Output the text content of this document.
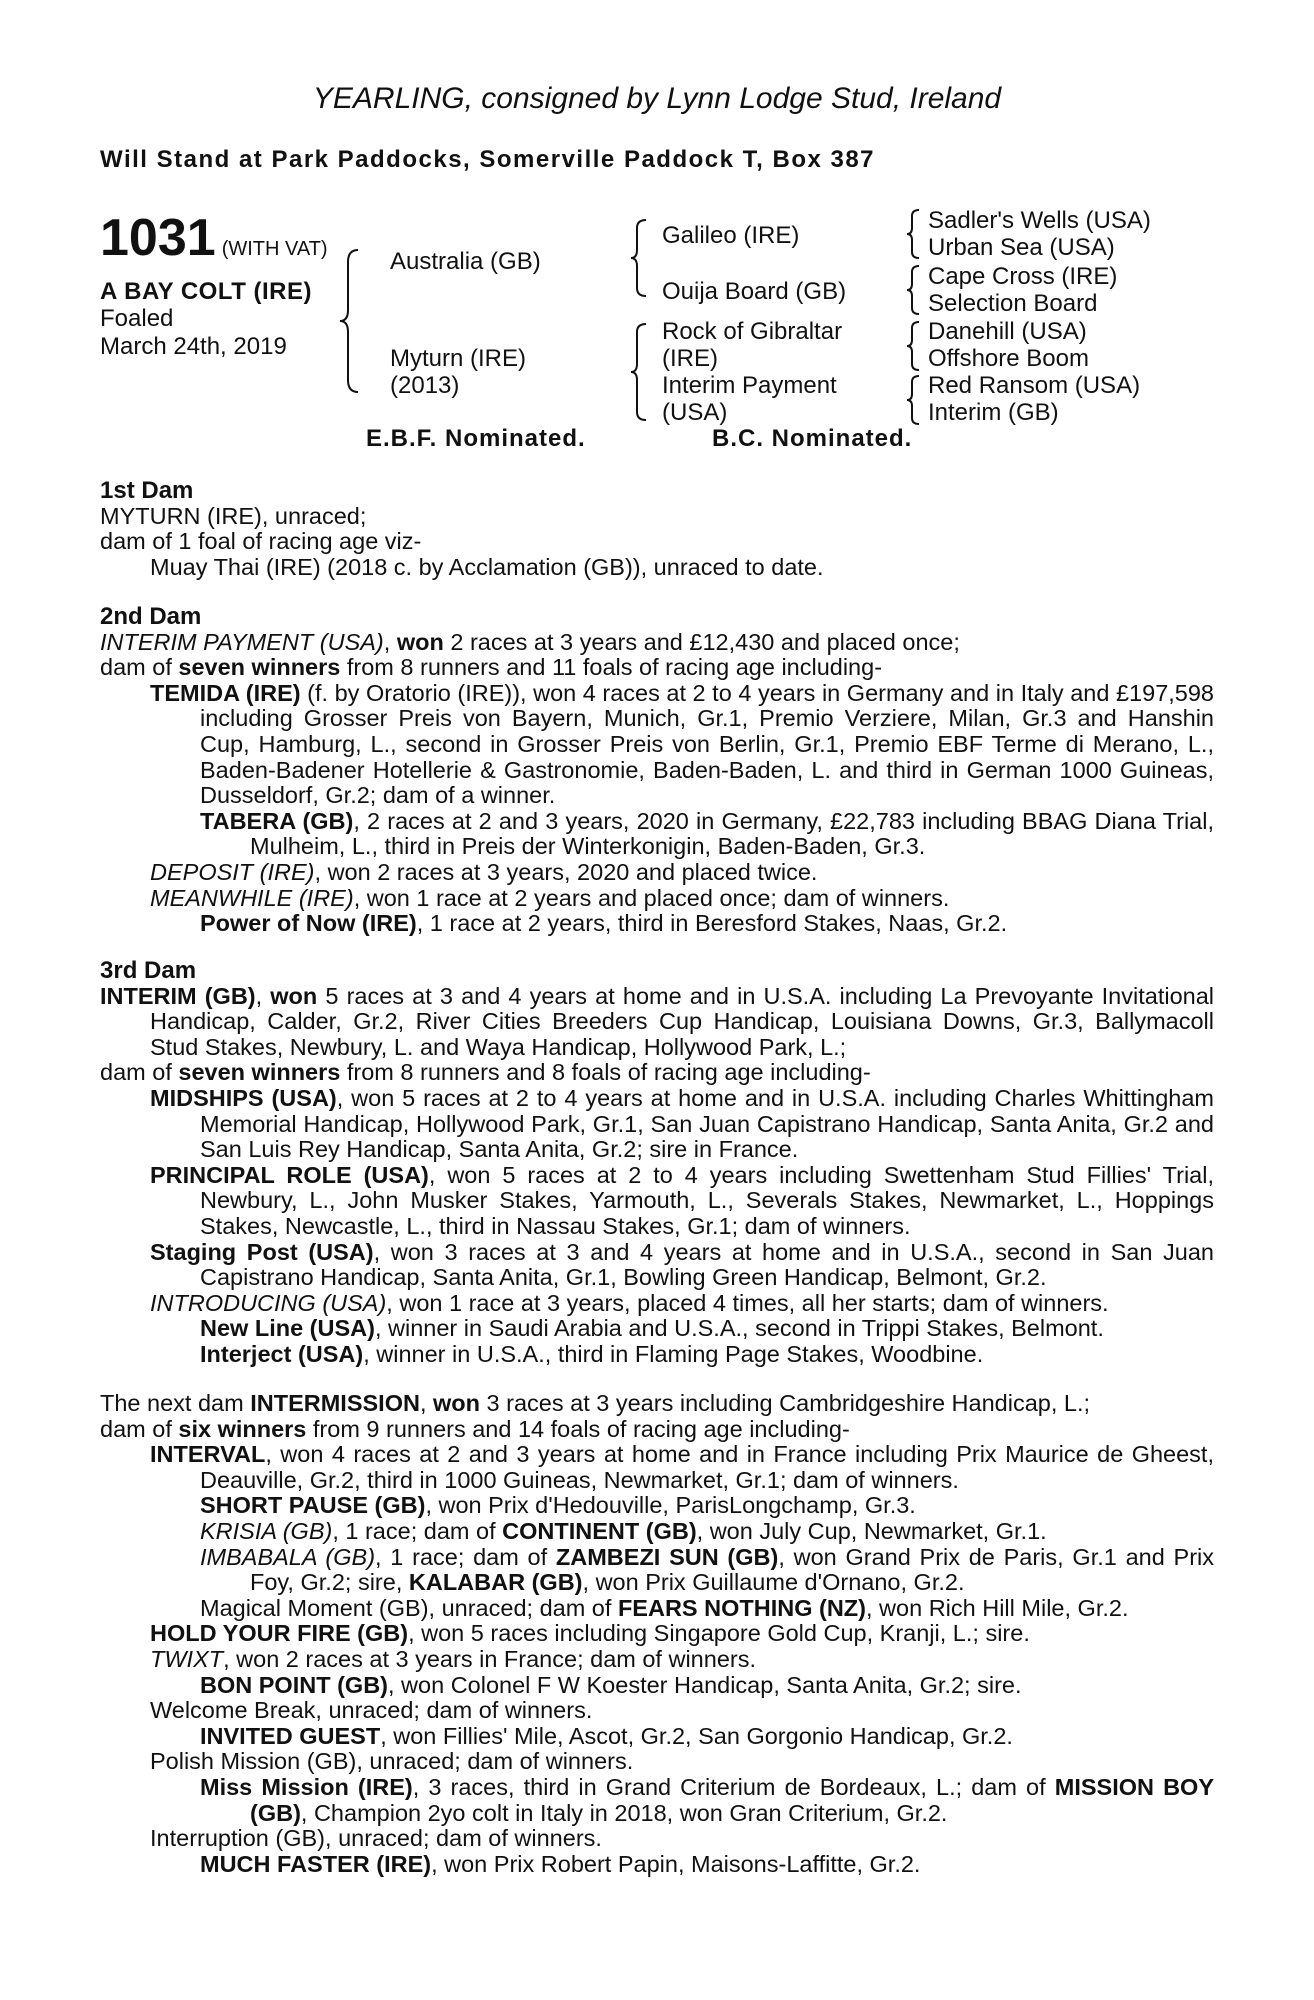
YEARLING, consigned by Lynn Lodge Stud, Ireland
Will Stand at Park Paddocks, Somerville Paddock T, Box 387
1031 (WITH VAT)
A BAY COLT (IRE)
Foaled
March 24th, 2019
Australia (GB)
Myturn (IRE)
(2013)
Galileo (IRE)
Ouija Board (GB)
Rock of Gibraltar
(IRE)
Interim Payment
(USA)
Sadler's Wells (USA)
Urban Sea (USA)
Cape Cross (IRE)
Selection Board
Danehill (USA)
Offshore Boom
Red Ransom (USA)
Interim (GB)
E.B.F. Nominated.	B.C. Nominated.

1st Dam

MYTURN (IRE), unraced;

dam of 1 foal of racing age viz-

Muay Thai (IRE) (2018 c. by Acclamation (GB)), unraced to date.

2nd Dam

INTERIM PAYMENT (USA), won 2 races at 3 years and £12,430 and placed once;

dam of seven winners from 8 runners and 11 foals of racing age including-

TEMIDA (IRE) (f. by Oratorio (IRE)), won 4 races at 2 to 4 years in Germany and in Italy and £197,598 including Grosser Preis von Bayern, Munich, Gr.1, Premio Verziere, Milan, Gr.3 and Hanshin Cup, Hamburg, L., second in Grosser Preis von Berlin, Gr.1, Premio EBF Terme di Merano, L., Baden-Badener Hotellerie & Gastronomie, Baden-Baden, L. and third in German 1000 Guineas, Dusseldorf, Gr.2; dam of a winner.

TABERA (GB), 2 races at 2 and 3 years, 2020 in Germany, £22,783 including BBAG Diana Trial, Mulheim, L., third in Preis der Winterkonigin, Baden-Baden, Gr.3.

DEPOSIT (IRE), won 2 races at 3 years, 2020 and placed twice.

MEANWHILE (IRE), won 1 race at 2 years and placed once; dam of winners.

Power of Now (IRE), 1 race at 2 years, third in Beresford Stakes, Naas, Gr.2.

3rd Dam

INTERIM (GB), won 5 races at 3 and 4 years at home and in U.S.A. including La Prevoyante Invitational Handicap, Calder, Gr.2, River Cities Breeders Cup Handicap, Louisiana Downs, Gr.3, Ballymacoll Stud Stakes, Newbury, L. and Waya Handicap, Hollywood Park, L.;

dam of seven winners from 8 runners and 8 foals of racing age including-

MIDSHIPS (USA), won 5 races at 2 to 4 years at home and in U.S.A. including Charles Whittingham Memorial Handicap, Hollywood Park, Gr.1, San Juan Capistrano Handicap, Santa Anita, Gr.2 and San Luis Rey Handicap, Santa Anita, Gr.2; sire in France.

PRINCIPAL ROLE (USA), won 5 races at 2 to 4 years including Swettenham Stud Fillies' Trial, Newbury, L., John Musker Stakes, Yarmouth, L., Severals Stakes, Newmarket, L., Hoppings Stakes, Newcastle, L., third in Nassau Stakes, Gr.1; dam of winners.

Staging Post (USA), won 3 races at 3 and 4 years at home and in U.S.A., second in San Juan Capistrano Handicap, Santa Anita, Gr.1, Bowling Green Handicap, Belmont, Gr.2.

INTRODUCING (USA), won 1 race at 3 years, placed 4 times, all her starts; dam of winners.

New Line (USA), winner in Saudi Arabia and U.S.A., second in Trippi Stakes, Belmont.

Interject (USA), winner in U.S.A., third in Flaming Page Stakes, Woodbine.

The next dam INTERMISSION, won 3 races at 3 years including Cambridgeshire Handicap, L.;

dam of six winners from 9 runners and 14 foals of racing age including-

INTERVAL, won 4 races at 2 and 3 years at home and in France including Prix Maurice de Gheest, Deauville, Gr.2, third in 1000 Guineas, Newmarket, Gr.1; dam of winners.

SHORT PAUSE (GB), won Prix d'Hedouville, ParisLongchamp, Gr.3.

KRISIA (GB), 1 race; dam of CONTINENT (GB), won July Cup, Newmarket, Gr.1.

IMBABALA (GB), 1 race; dam of ZAMBEZI SUN (GB), won Grand Prix de Paris, Gr.1 and Prix Foy, Gr.2; sire, KALABAR (GB), won Prix Guillaume d'Ornano, Gr.2.

Magical Moment (GB), unraced; dam of FEARS NOTHING (NZ), won Rich Hill Mile, Gr.2.

HOLD YOUR FIRE (GB), won 5 races including Singapore Gold Cup, Kranji, L.; sire.

TWIXT, won 2 races at 3 years in France; dam of winners.

BON POINT (GB), won Colonel F W Koester Handicap, Santa Anita, Gr.2; sire.

Welcome Break, unraced; dam of winners.

INVITED GUEST, won Fillies' Mile, Ascot, Gr.2, San Gorgonio Handicap, Gr.2.

Polish Mission (GB), unraced; dam of winners.

Miss Mission (IRE), 3 races, third in Grand Criterium de Bordeaux, L.; dam of MISSION BOY (GB), Champion 2yo colt in Italy in 2018, won Gran Criterium, Gr.2.

Interruption (GB), unraced; dam of winners.

MUCH FASTER (IRE), won Prix Robert Papin, Maisons-Laffitte, Gr.2.
